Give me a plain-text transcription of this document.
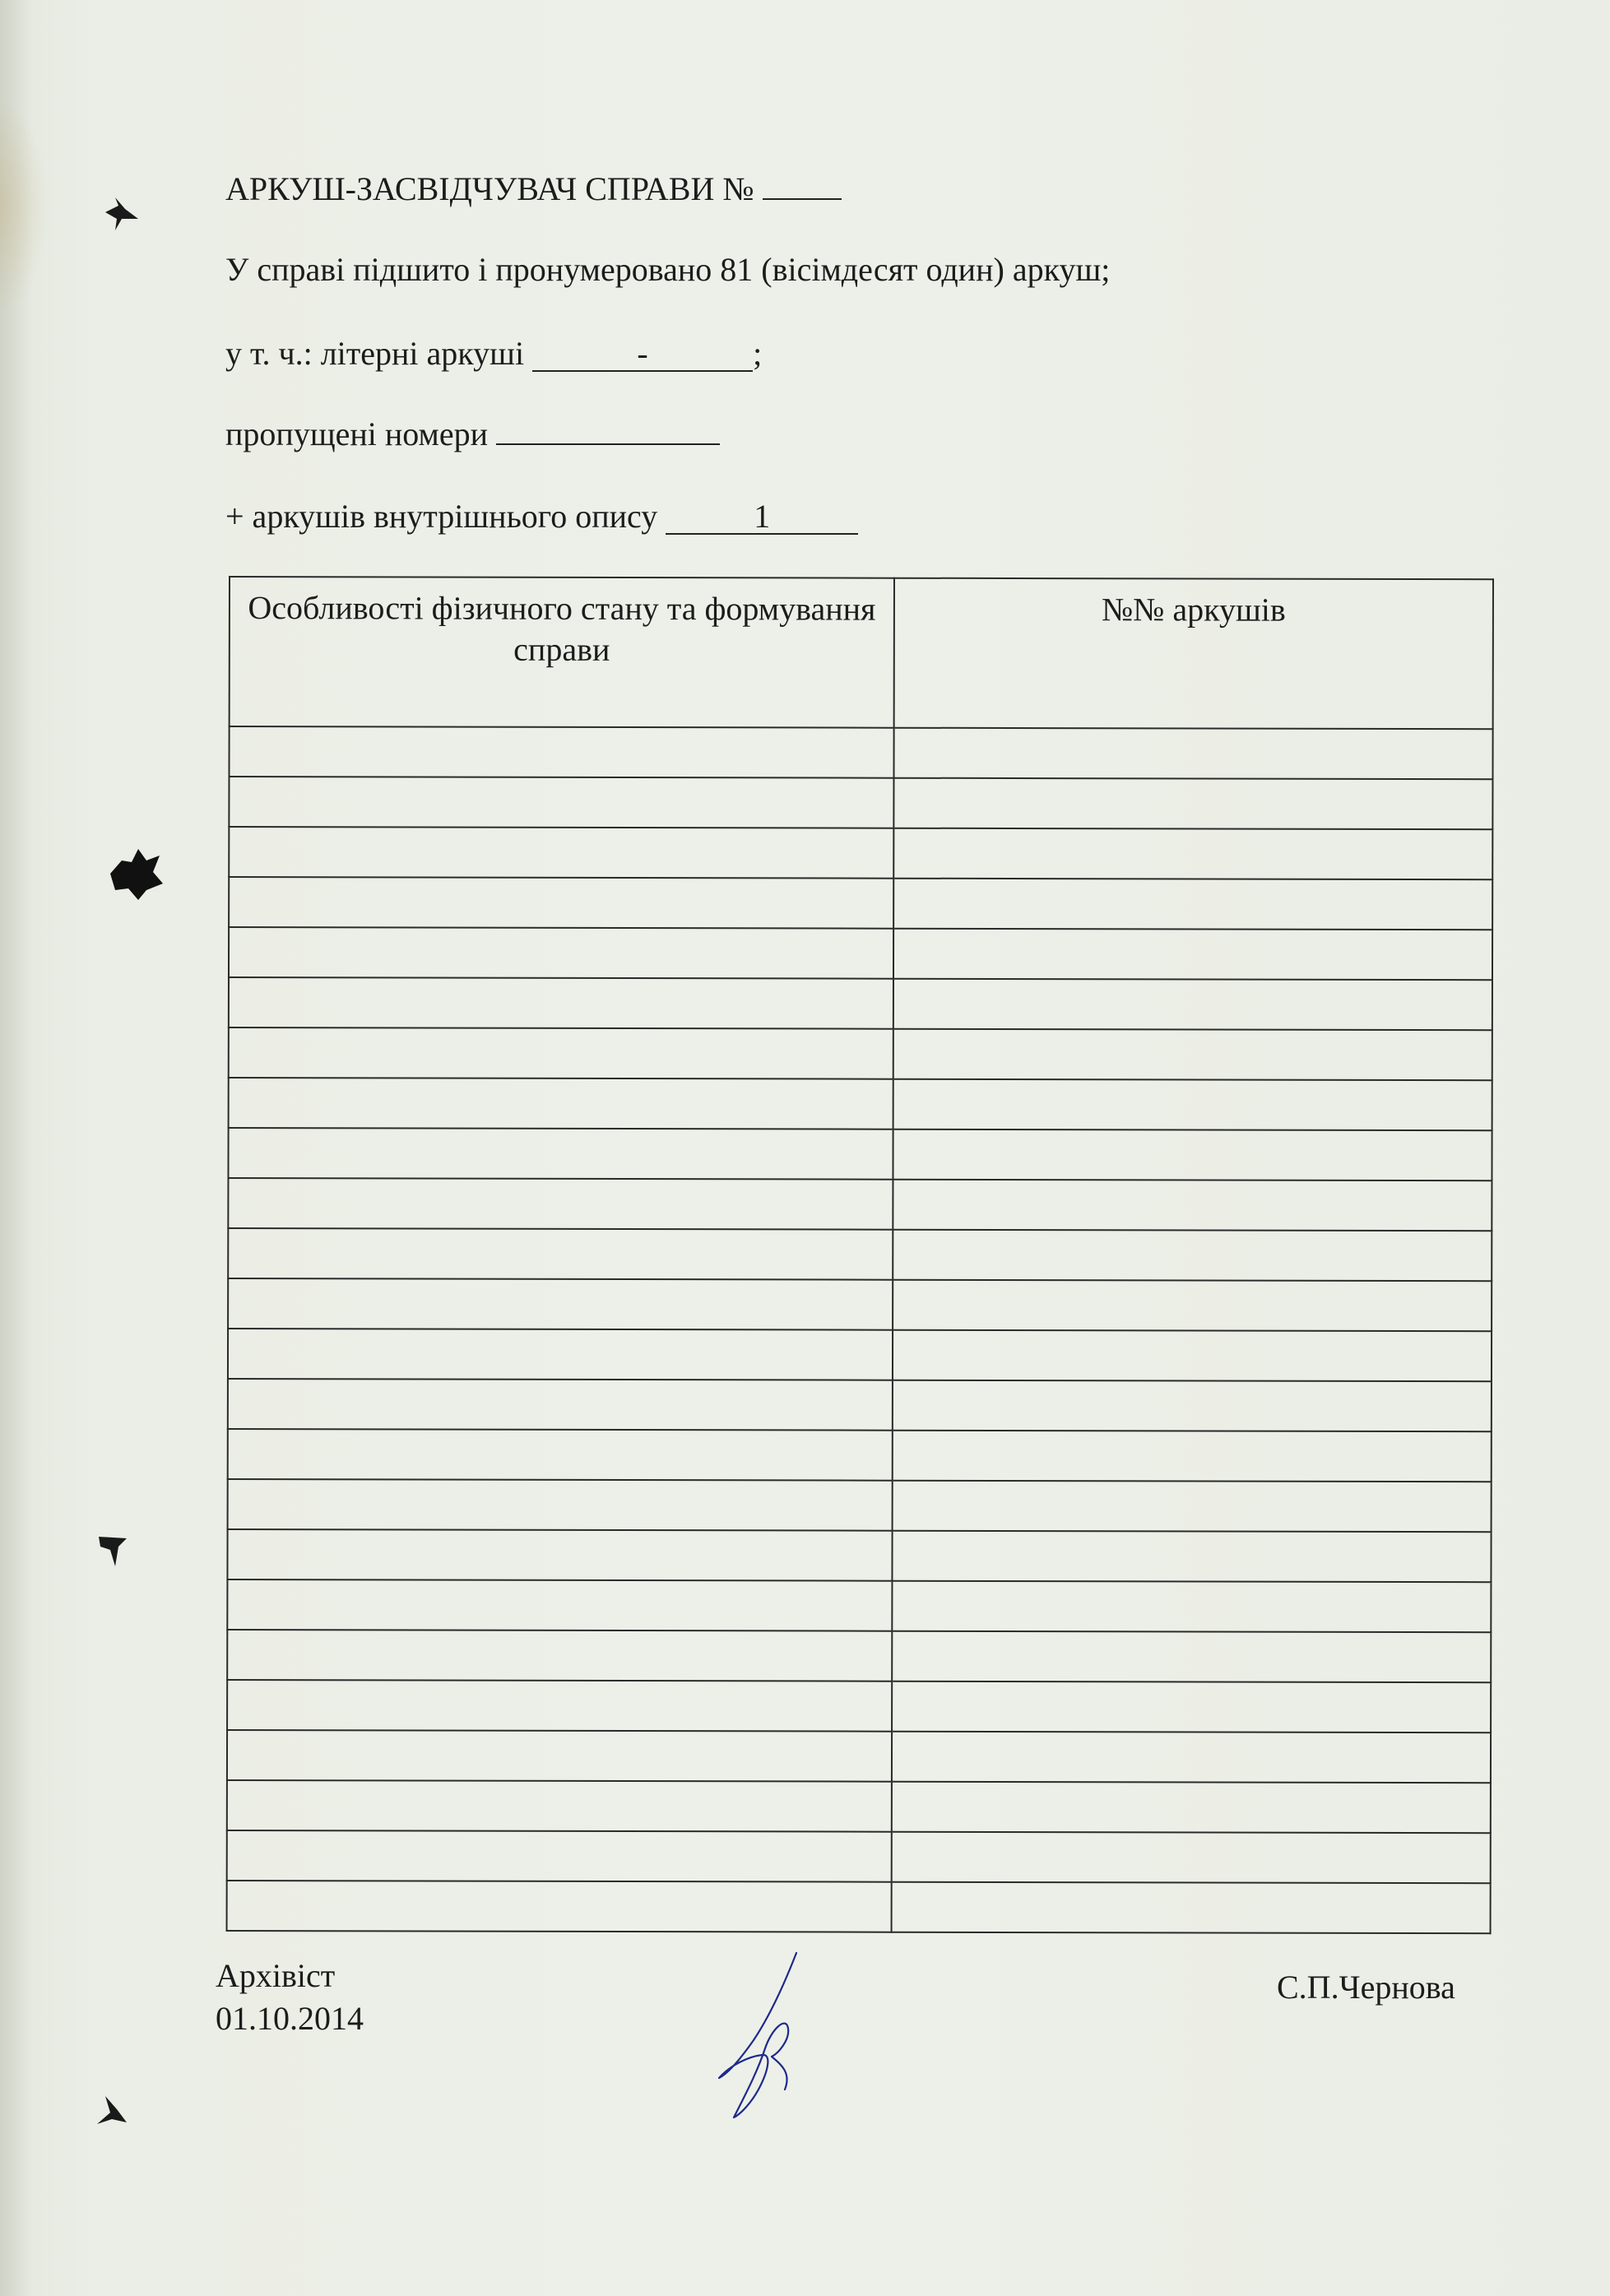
АРКУШ-ЗАСВІДЧУВАЧ СПРАВИ №
У справі підшито і пронумеровано 81 (вісімдесят один) аркуш;
у т. ч.: літерні аркуші	-	;
пропущені номери
+ аркушів внутрішнього опису	1
Особливості фізичного стану та формування справи	№№ аркушів

Архівіст
01.10.2014
С.П.Чернова
